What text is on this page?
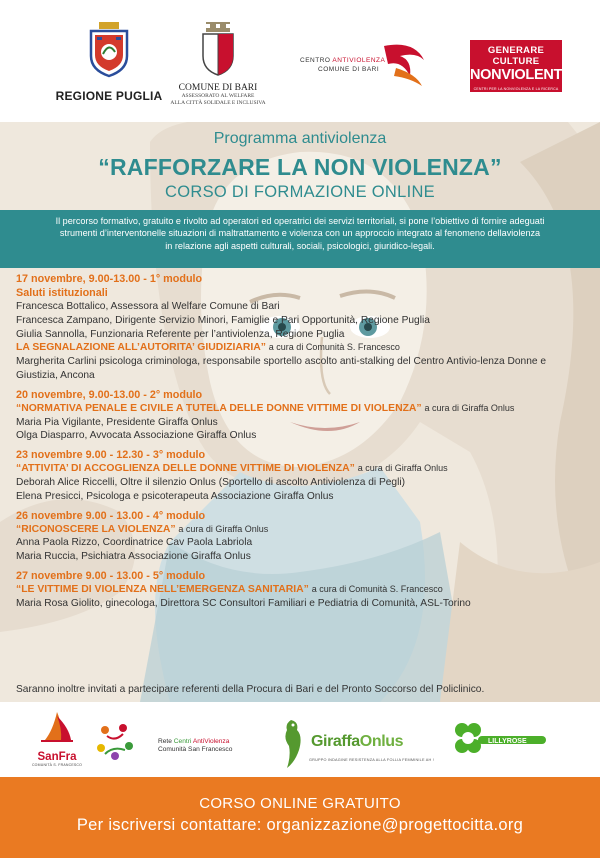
REGIONE PUGLIA
COMUNE DI BARI
ASSESSORATO AL WELFARE
ALLA CITTÀ SOLIDALE E INCLUSIVA
CENTRO ANTIVIOLENZA
COMUNE DI BARI
GENERARE CULTURE
NONVIOLENTE
CENTRI PER LA NONVIOLENZA E LA RICERCA
Programma antiviolenza
“RAFFORZARE LA NON VIOLENZA”
CORSO DI FORMAZIONE ONLINE
Il percorso formativo, gratuito e rivolto ad operatori ed operatrici dei servizi territoriali, si pone l’obiettivo di fornire adeguati
strumenti d’interventonelle situazioni di maltrattamento e violenza con un approccio integrato al fenomeno dellaviolenza
in relazione agli aspetti culturali, sociali, psicologici, giuridico-legali.
17 novembre, 9.00-13.00 - 1° modulo
Saluti istituzionali
Francesca Bottalico, Assessora al Welfare Comune di Bari
Francesca Zampano, Dirigente Servizio Minori, Famiglie e Pari Opportunità, Regione Puglia
Giulia Sannolla, Funzionaria Referente per l’antiviolenza, Regione Puglia
LA SEGNALAZIONE ALL’AUTORITA’ GIUDIZIARIA” a cura di Comunità S. Francesco
Margherita Carlini psicologa criminologa, responsabile sportello ascolto anti-stalking del Centro Antivio-lenza Donne e Giustizia, Ancona
20 novembre, 9.00-13.00 - 2° modulo
“NORMATIVA PENALE E CIVILE A TUTELA DELLE DONNE VITTIME DI VIOLENZA” a cura di Giraffa Onlus
Maria Pia Vigilante, Presidente Giraffa Onlus
Olga Diasparro, Avvocata Associazione Giraffa Onlus
23 novembre 9.00 - 12.30 - 3° modulo
“ATTIVITA’ DI ACCOGLIENZA DELLE DONNE VITTIME DI VIOLENZA” a cura di Giraffa Onlus
Deborah Alice Riccelli, Oltre il silenzio Onlus (Sportello di ascolto Antiviolenza di Pegli)
Elena Presicci, Psicologa e psicoterapeuta Associazione Giraffa Onlus
26 novembre 9.00 - 13.00 - 4° modulo
“RICONOSCERE LA VIOLENZA” a cura di Giraffa Onlus
Anna Paola Rizzo, Coordinatrice Cav Paola Labriola
Maria Ruccia, Psichiatra Associazione Giraffa Onlus
27 novembre 9.00 - 13.00 - 5° modulo
“LE VITTIME DI VIOLENZA NELL’EMERGENZA SANITARIA” a cura di Comunità S. Francesco
Maria Rosa Giolito, ginecologa, Direttora SC Consultori Familiari e Pediatria di Comunità, ASL-Torino
Saranno inoltre invitati a partecipare referenti della Procura di Bari e del Pronto Soccorso del Policlinico.
SanFra
COMUNITÀ S. FRANCESCO
Rete Centri AntiViolenza
Comunità San Francesco	GiraffaOnlus
GRUPPO INDAGINE RESISTENZA ALLA FOLLIA FEMMINILE AH !
LILLYROSE
CORSO ONLINE GRATUITO
Per iscriversi contattare: organizzazione@progettocitta.org
